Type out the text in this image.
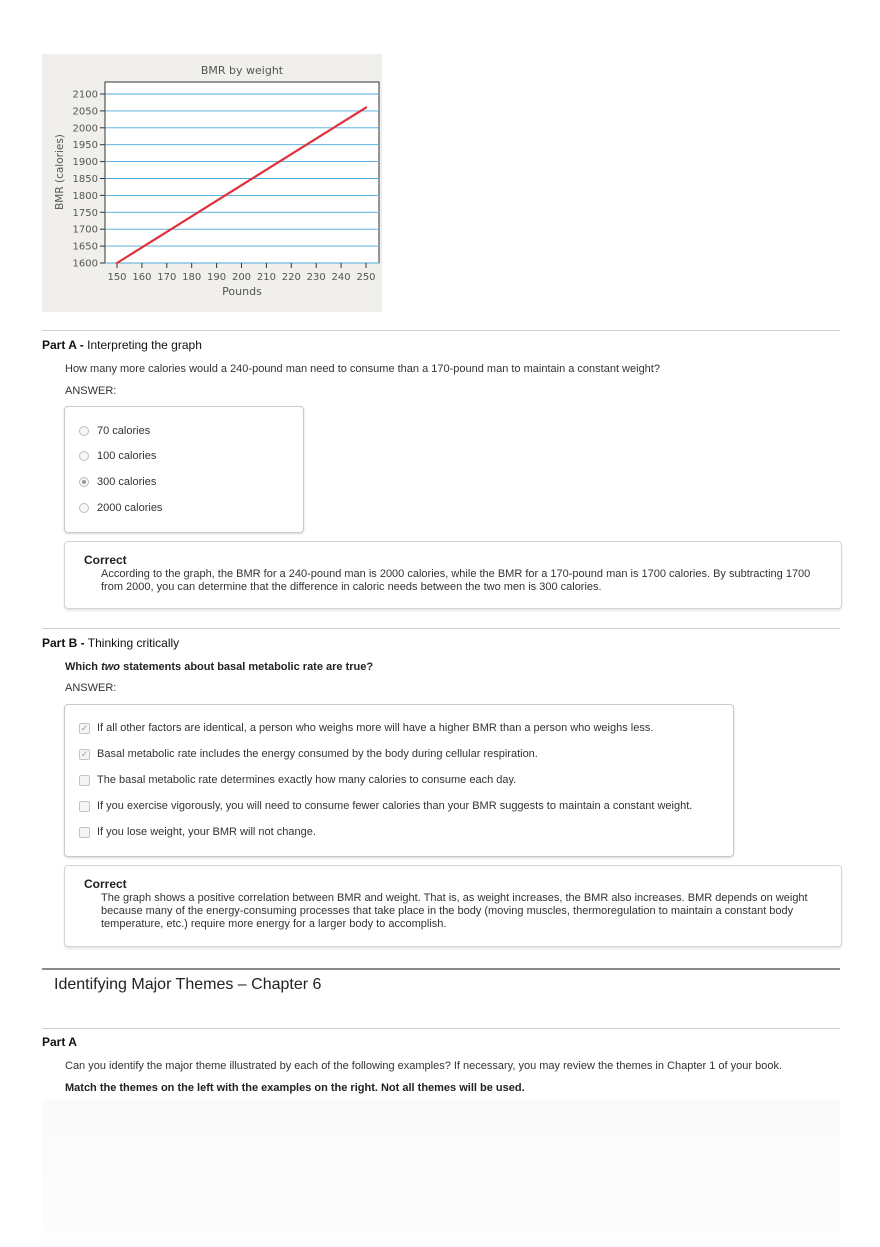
BMR by weight
1600
1650
1700
1750
1800
1850
1900
1950
2000
2050
2100
150 160 170 180 190 200 210 220 230 240 250
BMR (calories)
Pounds
Part A - Interpreting the graph
How many more calories would a 240-pound man need to consume than a 170-pound man to maintain a constant weight?
ANSWER:
70 calories
100 calories
300 calories
2000 calories
Correct
According to the graph, the BMR for a 240-pound man is 2000 calories, while the BMR for a 170-pound man is 1700 calories. By subtracting 1700 from 2000, you can determine that the difference in caloric needs between the two men is 300 calories.
Part B - Thinking critically
Which two statements about basal metabolic rate are true?
ANSWER:
✓ If all other factors are identical, a person who weighs more will have a higher BMR than a person who weighs less.
✓ Basal metabolic rate includes the energy consumed by the body during cellular respiration.
The basal metabolic rate determines exactly how many calories to consume each day.
If you exercise vigorously, you will need to consume fewer calories than your BMR suggests to maintain a constant weight.
If you lose weight, your BMR will not change.
Correct
The graph shows a positive correlation between BMR and weight. That is, as weight increases, the BMR also increases. BMR depends on weight because many of the energy-consuming processes that take place in the body (moving muscles, thermoregulation to maintain a constant body temperature, etc.) require more energy for a larger body to accomplish.
Identifying Major Themes – Chapter 6
Part A
Can you identify the major theme illustrated by each of the following examples? If necessary, you may review the themes in Chapter 1 of your book.
Match the themes on the left with the examples on the right. Not all themes will be used.
